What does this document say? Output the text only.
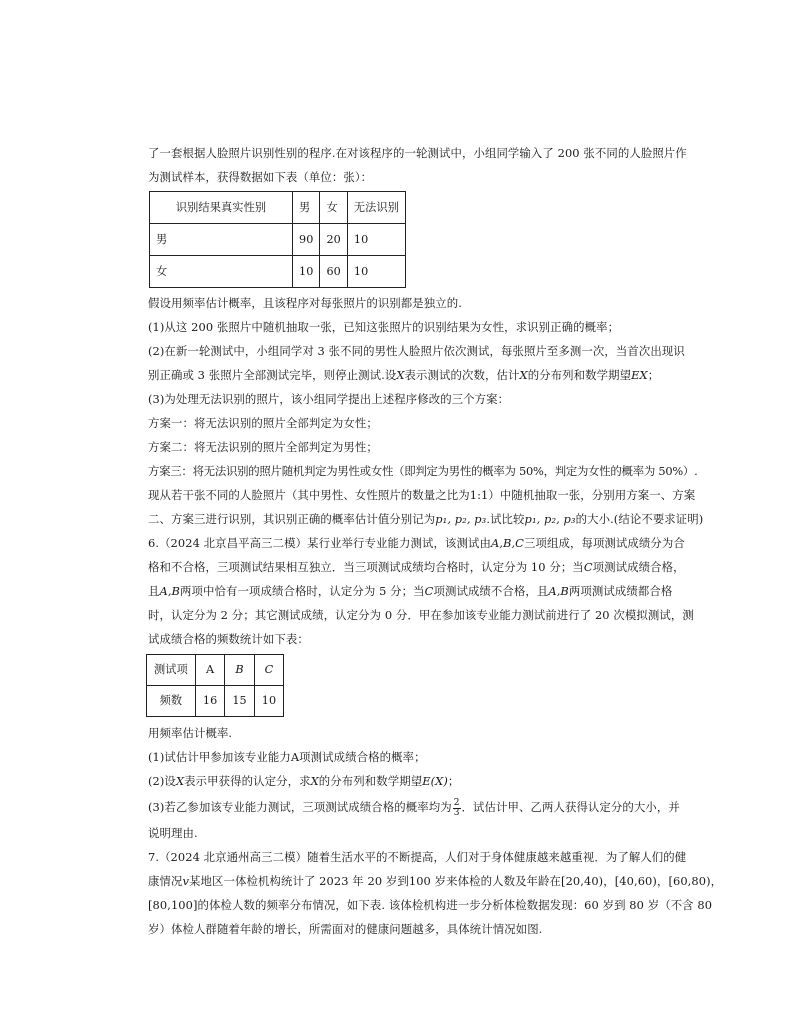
了一套根据人脸照片识别性别的程序.在对该程序的一轮测试中，小组同学输入了 200 张不同的人脸照片作
为测试样本，获得数据如下表（单位：张）：
识别结果真实性别	男	女	无法识别
男	90	20	10
女	10	60	10
假设用频率估计概率，且该程序对每张照片的识别都是独立的.
(1)从这 200 张照片中随机抽取一张，已知这张照片的识别结果为女性，求识别正确的概率；
(2)在新一轮测试中，小组同学对 3 张不同的男性人脸照片依次测试，每张照片至多测一次，当首次出现识
别正确或 3 张照片全部测试完毕，则停止测试.设X表示测试的次数，估计X的分布列和数学期望EX；
(3)为处理无法识别的照片，该小组同学提出上述程序修改的三个方案：
方案一：将无法识别的照片全部判定为女性；
方案二：将无法识别的照片全部判定为男性；
方案三：将无法识别的照片随机判定为男性或女性（即判定为男性的概率为 50%，判定为女性的概率为 50%）.
现从若干张不同的人脸照片（其中男性、女性照片的数量之比为1:1）中随机抽取一张，分别用方案一、方案
二、方案三进行识别，其识别正确的概率估计值分别记为p₁, p₂, p₃.试比较p₁, p₂, p₃的大小.(结论不要求证明)
6.（2024 北京昌平高三二模）某行业举行专业能力测试，该测试由A,B,C三项组成，每项测试成绩分为合
格和不合格，三项测试结果相互独立．当三项测试成绩均合格时，认定分为 10 分；当C项测试成绩合格，
且A,B两项中恰有一项成绩合格时，认定分为 5 分；当C项测试成绩不合格，且A,B两项测试成绩都合格
时，认定分为 2 分；其它测试成绩，认定分为 0 分．甲在参加该专业能力测试前进行了 20 次模拟测试，测
试成绩合格的频数统计如下表：
测试项	A	B	C
频数	16	15	10
用频率估计概率.
(1)试估计甲参加该专业能力A项测试成绩合格的概率；
(2)设X表示甲获得的认定分，求X的分布列和数学期望E(X)；
(3)若乙参加该专业能力测试，三项测试成绩合格的概率均为 $\frac{2}{3}$ ．试估计甲、乙两人获得认定分的大小，并
说明理由.
7.（2024 北京通州高三二模）随着生活水平的不断提高，人们对于身体健康越来越重视．为了解人们的健
康情况v某地区一体检机构统计了 2023 年 20 岁到100 岁来体检的人数及年龄在[20,40)，[40,60)，[60,80)，
[80,100]的体检人数的频率分布情况，如下表. 该体检机构进一步分析体检数据发现：60 岁到 80 岁（不含 80
岁）体检人群随着年龄的增长，所需面对的健康问题越多，具体统计情况如图.
